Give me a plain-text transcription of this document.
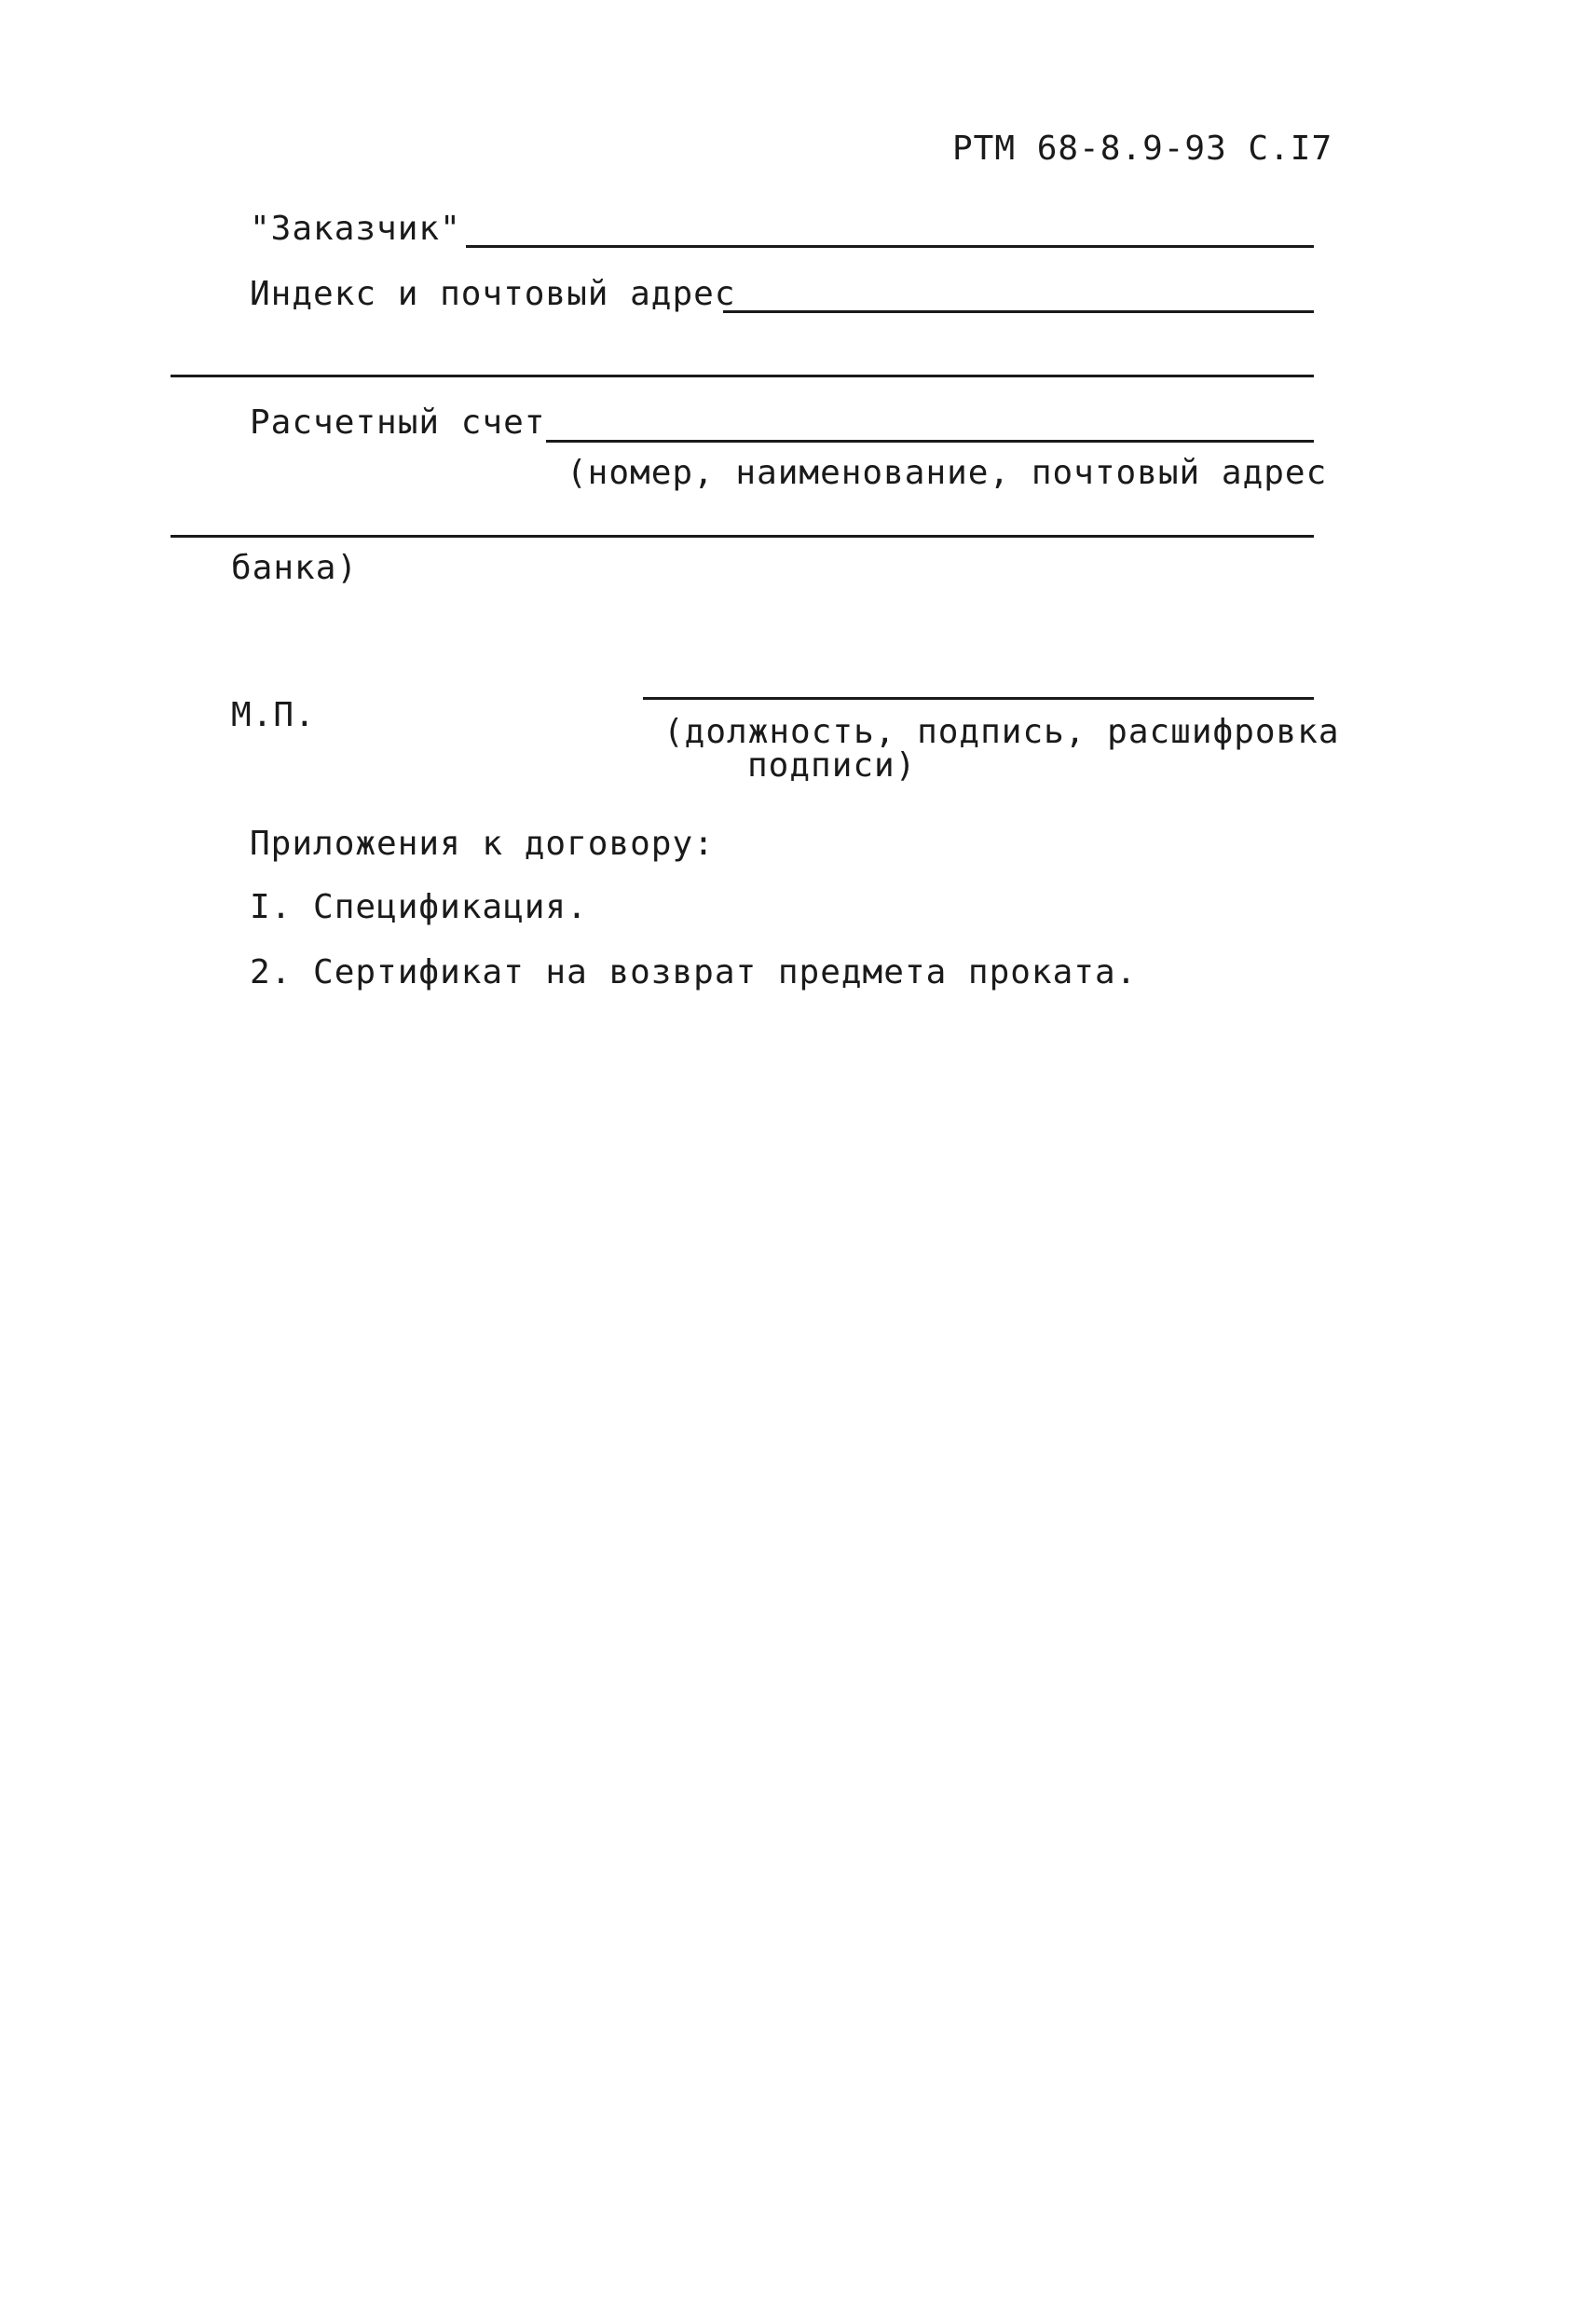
РТМ 68-8.9-93 С.I7
"Заказчик"
Индекс и почтовый адрес
Расчетный счет
(номер, наименование, почтовый адрес
банка)
М.П.	(должность, подпись, расшифровка
подписи)
Приложения к договору:
I. Спецификация.
2. Сертификат на возврат предмета проката.
